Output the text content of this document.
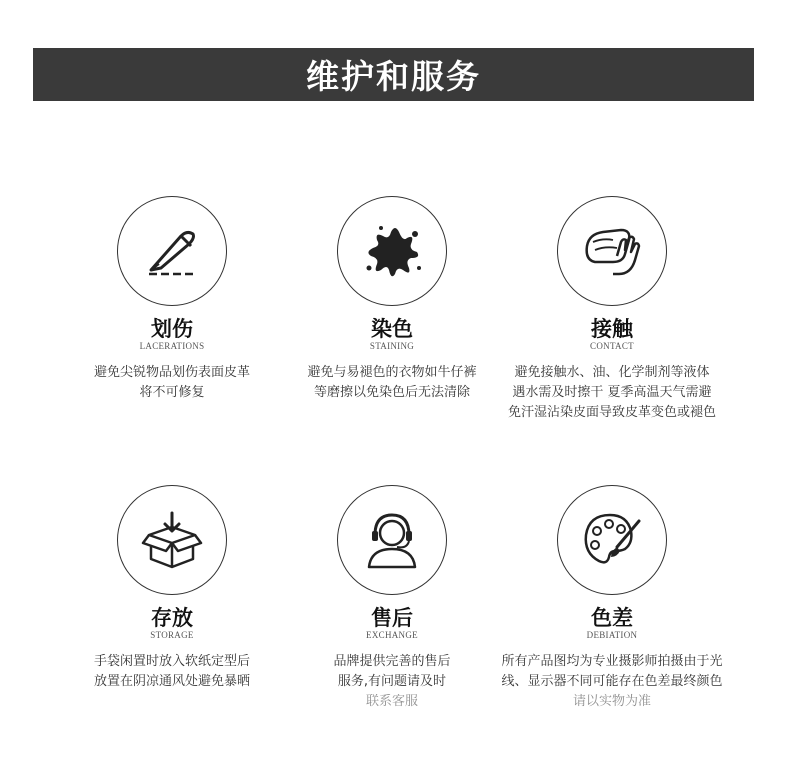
维护和服务
划伤
LACERATIONS
避免尖锐物品划伤表面皮革
将不可修复
染色
STAINING
避免与易褪色的衣物如牛仔裤
等磨擦以免染色后无法清除
接触
CONTACT
避免接触水、油、化学制剂等液体
遇水需及时擦干 夏季高温天气需避
免汗湿沾染皮面导致皮革变色或褪色
存放
STORAGE
手袋闲置时放入软纸定型后
放置在阴凉通风处避免暴晒
售后
EXCHANGE
品牌提供完善的售后
服务,有问题请及时
联系客服
色差
DEBIATION
所有产品图均为专业摄影师拍摄由于光
线、显示器不同可能存在色差最终颜色
请以实物为准
